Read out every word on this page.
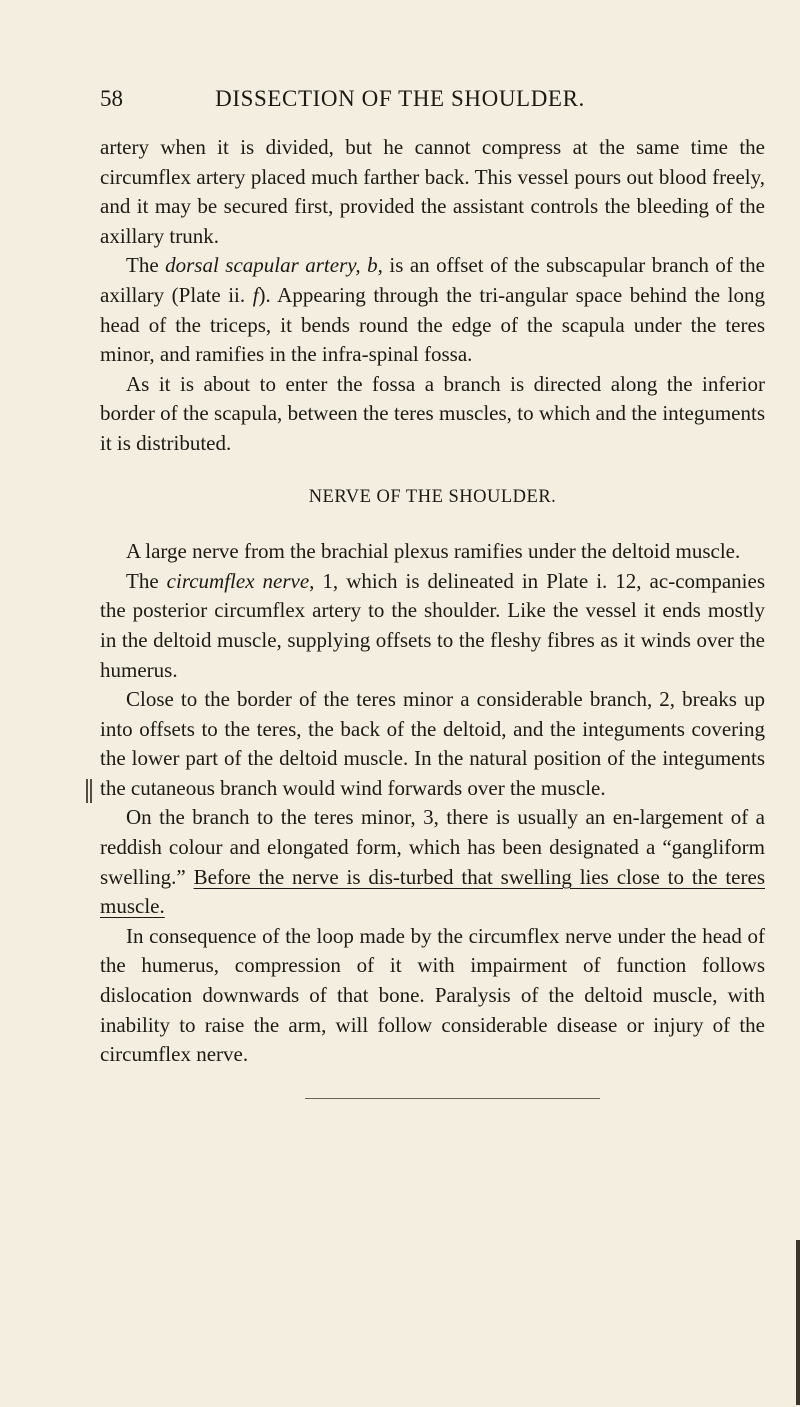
58	DISSECTION OF THE SHOULDER.

artery when it is divided, but he cannot compress at the same time the circumflex artery placed much farther back. This vessel pours out blood freely, and it may be secured first, provided the assistant controls the bleeding of the axillary trunk.

The dorsal scapular artery, b, is an offset of the subscapular branch of the axillary (Plate ii. f). Appearing through the tri-angular space behind the long head of the triceps, it bends round the edge of the scapula under the teres minor, and ramifies in the infra-spinal fossa.

As it is about to enter the fossa a branch is directed along the inferior border of the scapula, between the teres muscles, to which and the integuments it is distributed.

NERVE OF THE SHOULDER.

A large nerve from the brachial plexus ramifies under the deltoid muscle.

The circumflex nerve, 1, which is delineated in Plate i. 12, ac-companies the posterior circumflex artery to the shoulder. Like the vessel it ends mostly in the deltoid muscle, supplying offsets to the fleshy fibres as it winds over the humerus.

Close to the border of the teres minor a considerable branch, 2, breaks up into offsets to the teres, the back of the deltoid, and the integuments covering the lower part of the deltoid muscle. In the natural position of the integuments the cutaneous branch would wind forwards over the muscle.

On the branch to the teres minor, 3, there is usually an en-largement of a reddish colour and elongated form, which has been designated a “gangliform swelling.” Before the nerve is dis-turbed that swelling lies close to the teres muscle.

In consequence of the loop made by the circumflex nerve under the head of the humerus, compression of it with impairment of function follows dislocation downwards of that bone. Paralysis of the deltoid muscle, with inability to raise the arm, will follow considerable disease or injury of the circumflex nerve.
